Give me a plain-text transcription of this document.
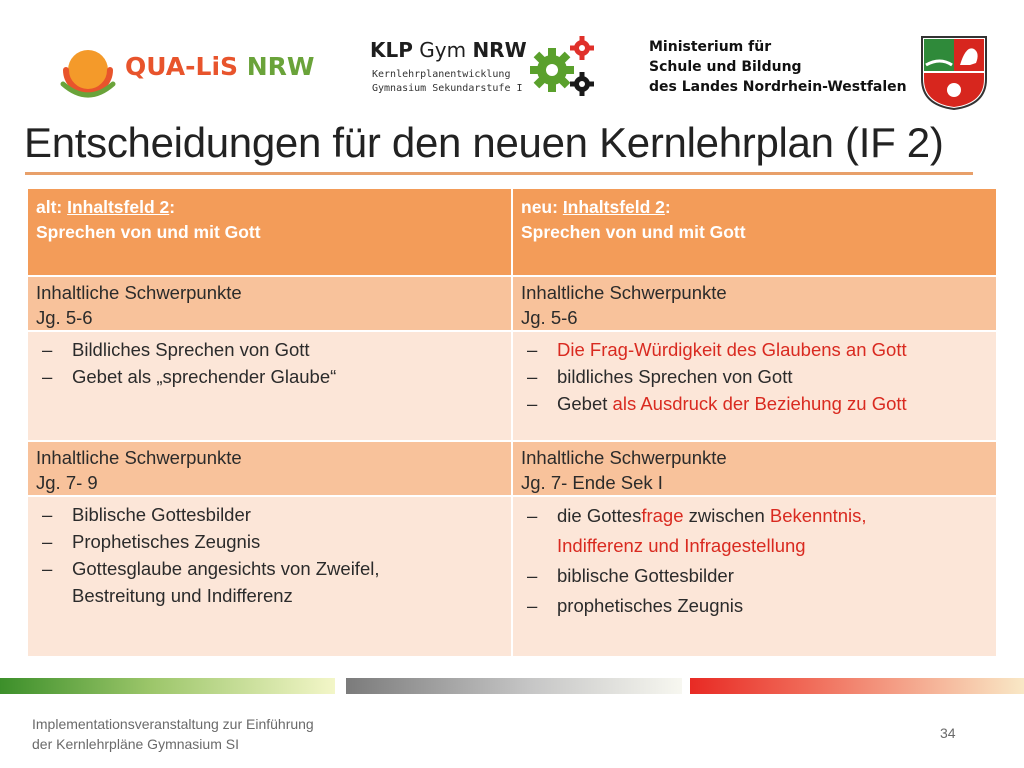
QUA-LiS NRW
KLP Gym NRW
Kernlehrplanentwicklung
Gymnasium Sekundarstufe I
Ministerium für
Schule und Bildung
des Landes Nordrhein-Westfalen
Entscheidungen für den neuen Kernlehrplan (IF 2)
alt: Inhaltsfeld 2:
Sprechen von und mit Gott
neu: Inhaltsfeld 2:
Sprechen von und mit Gott
Inhaltliche Schwerpunkte
Jg. 5-6
Inhaltliche Schwerpunkte
Jg. 5-6
– Bildliches Sprechen von Gott
– Gebet als „sprechender Glaube“
– Die Frag-Würdigkeit des Glaubens an Gott
– bildliches Sprechen von Gott
– Gebet als Ausdruck der Beziehung zu Gott
Inhaltliche Schwerpunkte
Jg. 7- 9
Inhaltliche Schwerpunkte
Jg. 7- Ende Sek I
– Biblische Gottesbilder
– Prophetisches Zeugnis
– Gottesglaube angesichts von Zweifel,
Bestreitung und Indifferenz
– die Gottesfrage zwischen Bekenntnis,
Indifferenz und Infragestellung
– biblische Gottesbilder
– prophetisches Zeugnis
Implementationsveranstaltung zur Einführung
der Kernlehrpläne Gymnasium SI
34
